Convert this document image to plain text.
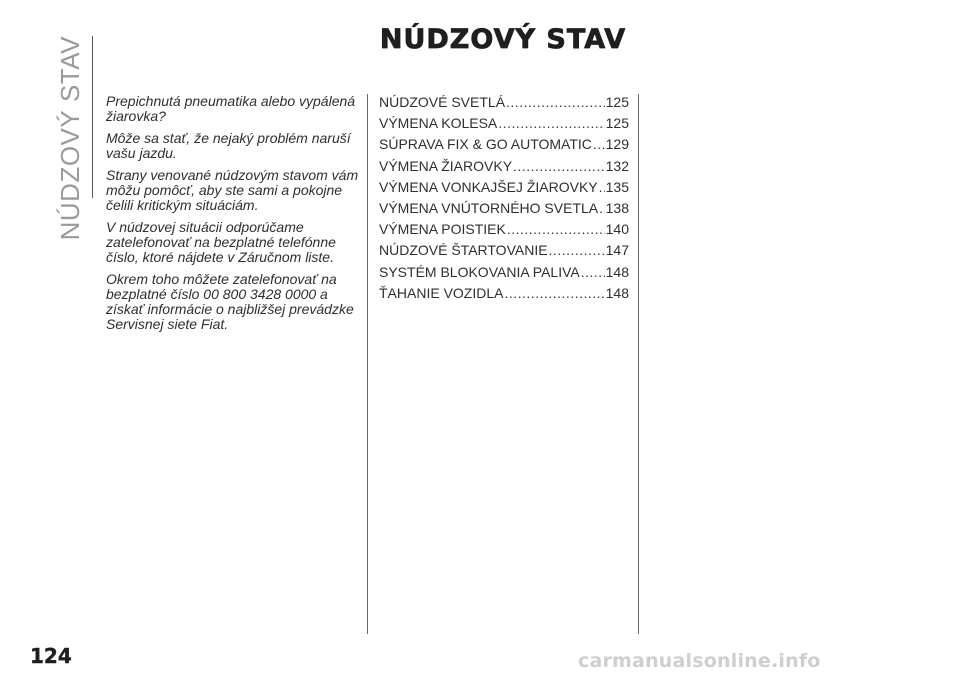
NÚDZOVÝ STAV	NÚDZOVÝ STAV

Prepichnutá pneumatika alebo vypálená žiarovka?

Môže sa stať, že nejaký problém naruší vašu jazdu.

Strany venované núdzovým stavom vám môžu pomôcť, aby ste sami a pokojne čelili kritickým situáciám.

V núdzovej situácii odporúčame zatelefonovať na bezplatné telefónne číslo, ktoré nájdete v Záručnom liste.

Okrem toho môžete zatelefonovať na bezplatné číslo 00 800 3428 0000 a získať informácie o najbližšej prevádzke Servisnej siete Fiat.

NÚDZOVÉ SVETLÁ .....	125
VÝMENA KOLESA .....	125
SÚPRAVA FIX & GO AUTOMATIC ..... 129
VÝMENA ŽIAROVKY .....	132
VÝMENA VONKAJŠEJ ŽIAROVKY ..... 135
VÝMENA VNÚTORNÉHO SVETLA ..... 138
VÝMENA POISTIEK .....	140
NÚDZOVÉ ŠTARTOVANIE .....	147
SYSTÉM BLOKOVANIA PALIVA ..... 148
ŤAHANIE VOZIDLA .....	148
124	carmanualsonline.info
